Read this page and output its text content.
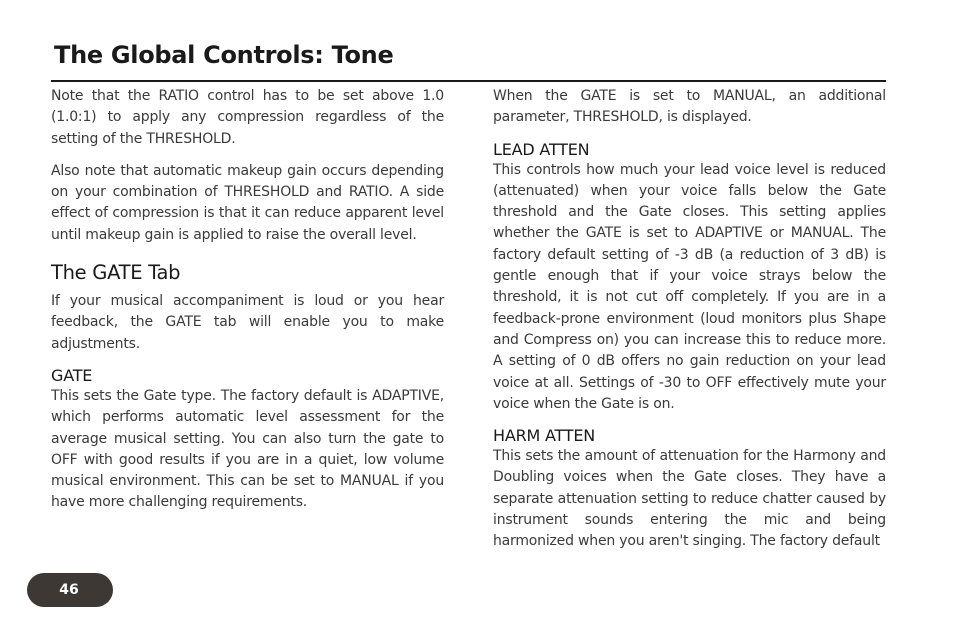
The Global Controls: Tone

Note that the RATIO control has to be set above 1.0 (1.0:1) to apply any compression regardless of the setting of the THRESHOLD.

Also note that automatic makeup gain occurs depending on your combination of THRESHOLD and RATIO. A side effect of compression is that it can reduce apparent level until makeup gain is applied to raise the overall level.

The GATE Tab

If your musical accompaniment is loud or you hear feedback, the GATE tab will enable you to make adjustments.

GATE

This sets the Gate type. The factory default is ADAPTIVE, which performs automatic level assessment for the average musical setting. You can also turn the gate to OFF with good results if you are in a quiet, low volume musical environment. This can be set to MANUAL if you have more challenging requirements.

When the GATE is set to MANUAL, an additional parameter, THRESHOLD, is displayed.

LEAD ATTEN

This controls how much your lead voice level is reduced (attenuated) when your voice falls below the Gate threshold and the Gate closes. This setting applies whether the GATE is set to ADAPTIVE or MANUAL. The factory default setting of -3 dB (a reduction of 3 dB) is gentle enough that if your voice strays below the threshold, it is not cut off completely. If you are in a feedback-prone environment (loud monitors plus Shape and Compress on) you can increase this to reduce more. A setting of 0 dB offers no gain reduction on your lead voice at all. Settings of -30 to OFF effectively mute your voice when the Gate is on.

HARM ATTEN

This sets the amount of attenuation for the Harmony and Doubling voices when the Gate closes. They have a separate attenuation setting to reduce chatter caused by instrument sounds entering the mic and being harmonized when you aren't singing. The factory default

46
